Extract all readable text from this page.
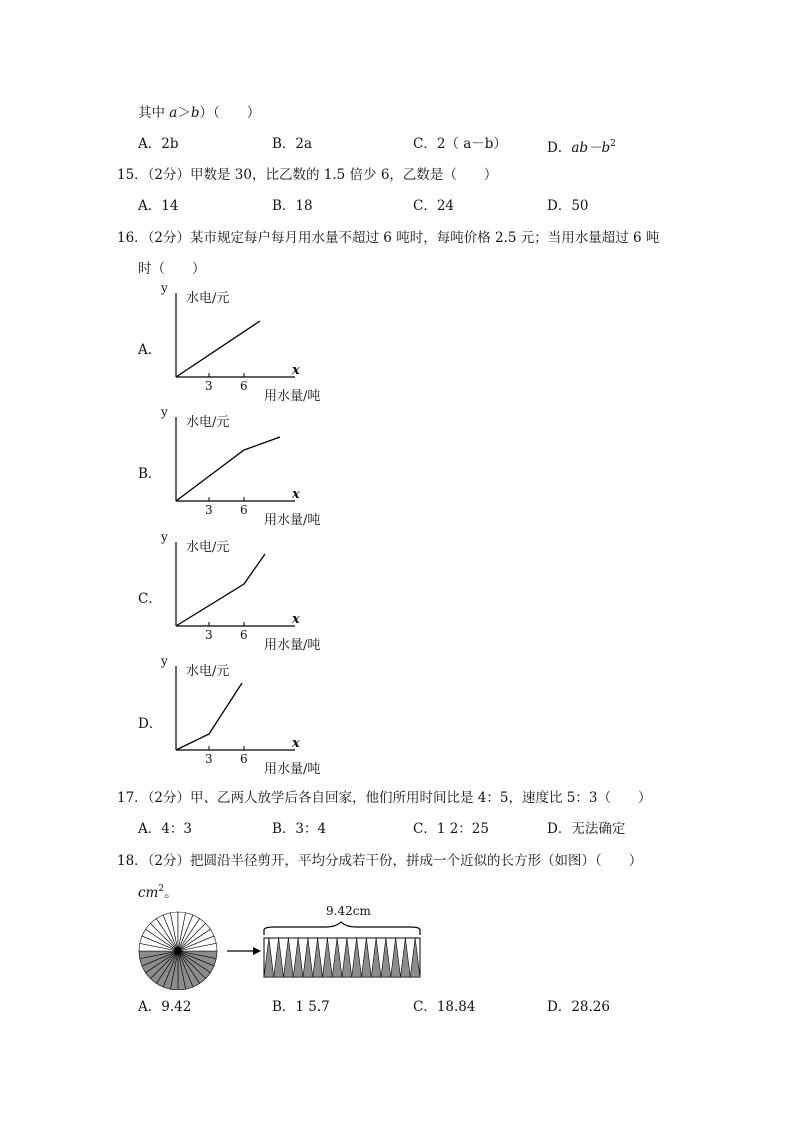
其中 a＞b）（　　）
A．2b	B．2a	C．2（ a－b）	D．$ab-b^2$
15．（2分）甲数是 30，比乙数的 1.5 倍少 6，乙数是（　　）
A．14	B．18	C．24	D．50
16．（2分）某市规定每户每月用水量不超过 6 吨时，每吨价格 2.5 元；当用水量超过 6 吨
时（　　）
A．
y
水电/元
x
3 6
用水量/吨
B．
y
水电/元
x
3 6
用水量/吨
C．
y
水电/元
x
3 6
用水量/吨
D．
y
水电/元
x
3 6
用水量/吨
17．（2分）甲、乙两人放学后各自回家，他们所用时间比是 4：5，速度比 5：3（　　）
A．4：3	B．3：4	C．1 2：25	D．无法确定
18．（2分）把圆沿半径剪开，平均分成若干份，拼成一个近似的长方形（如图）（　　）
$cm^2$。
9.42cm
A．9.42	B．1 5.7	C．18.84	D．28.26
